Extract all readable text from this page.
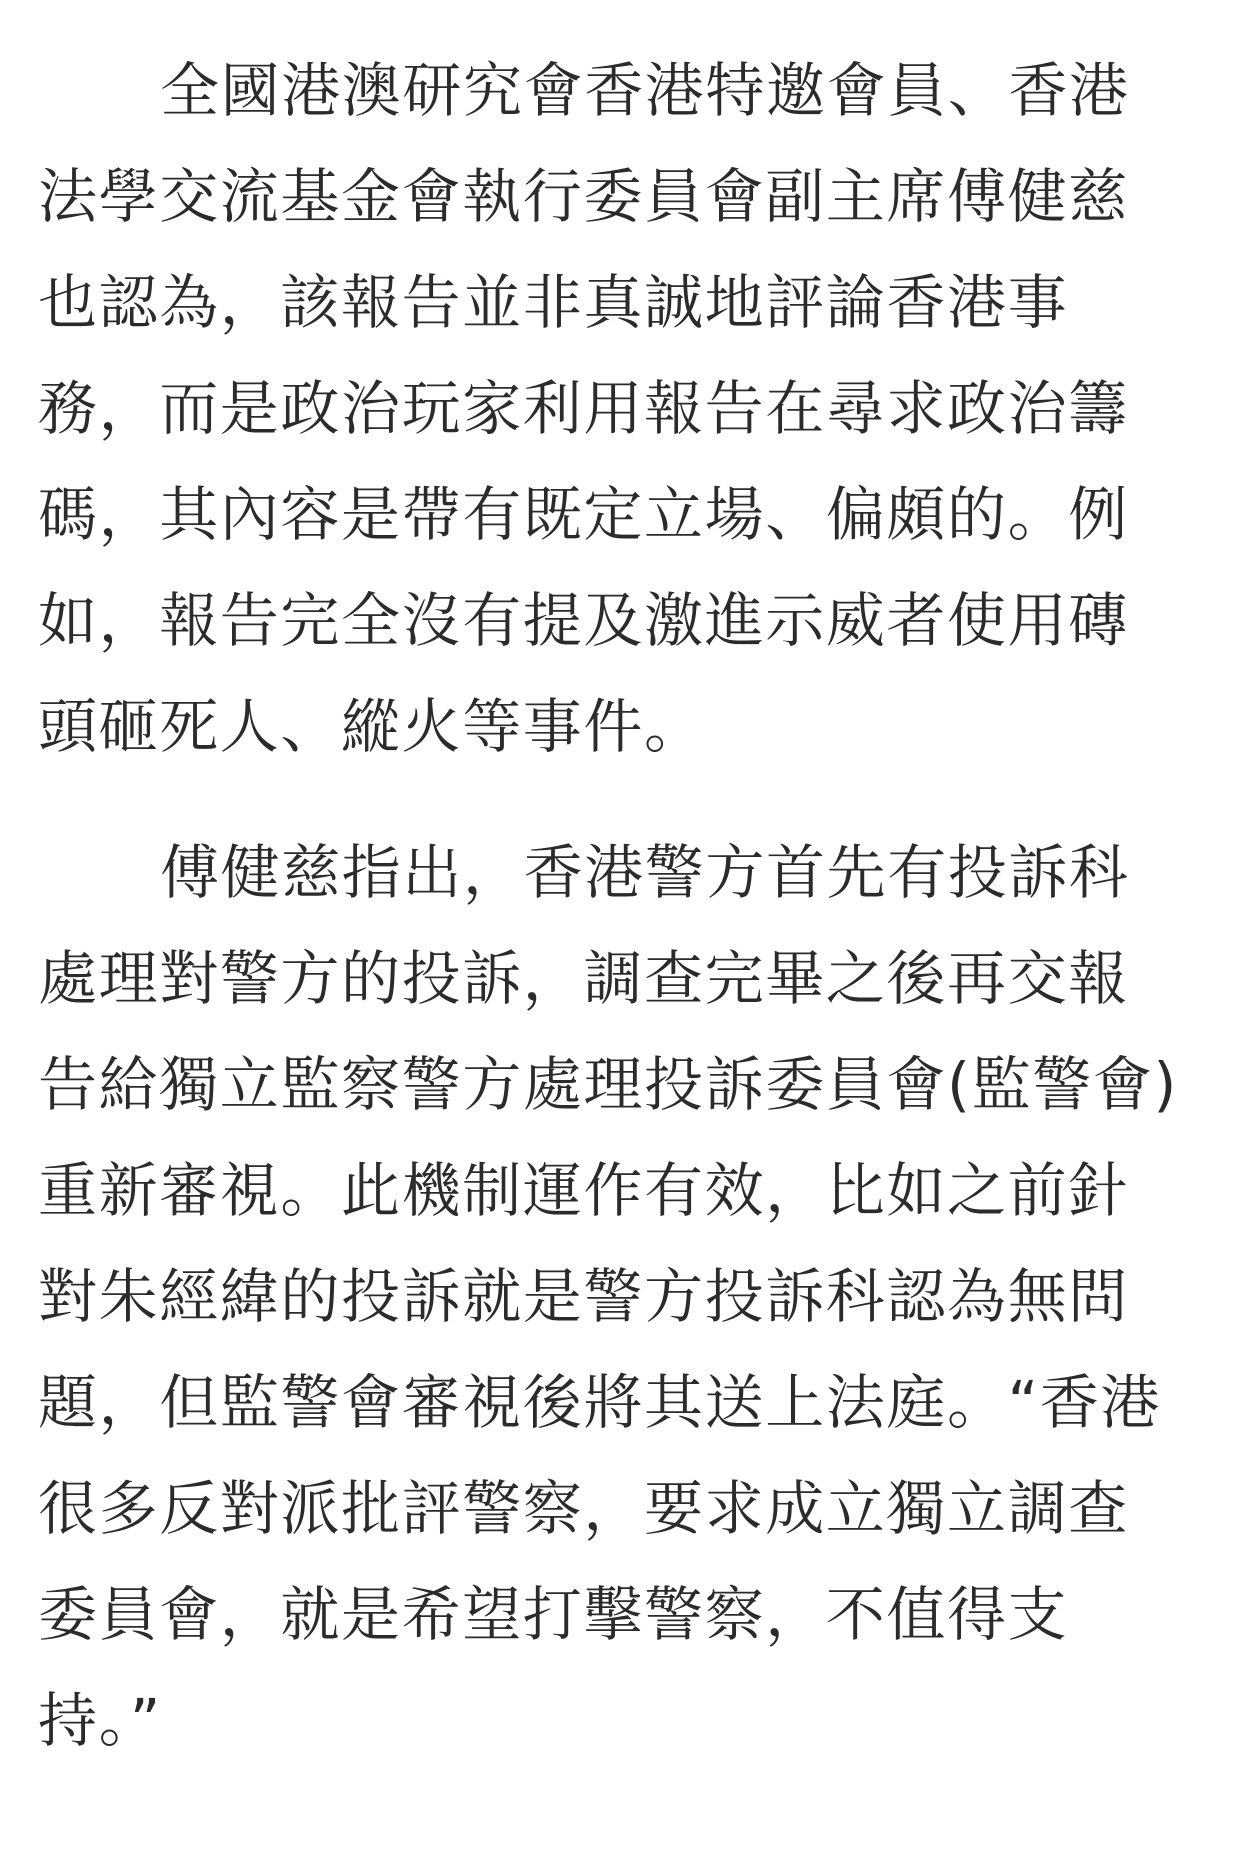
全國港澳研究會香港特邀會員、香港
法學交流基金會執行委員會副主席傅健慈
也認為，該報告並非真誠地評論香港事
務，而是政治玩家利用報告在尋求政治籌
碼，其內容是帶有既定立場、偏頗的。例
如，報告完全沒有提及激進示威者使用磚
頭砸死人、縱火等事件。

傅健慈指出，香港警方首先有投訴科
處理對警方的投訴，調查完畢之後再交報
告給獨立監察警方處理投訴委員會(監警會)
重新審視。此機制運作有效，比如之前針
對朱經緯的投訴就是警方投訴科認為無問
題，但監警會審視後將其送上法庭。“香港
很多反對派批評警察，要求成立獨立調查
委員會，就是希望打擊警察，不值得支
持。”
